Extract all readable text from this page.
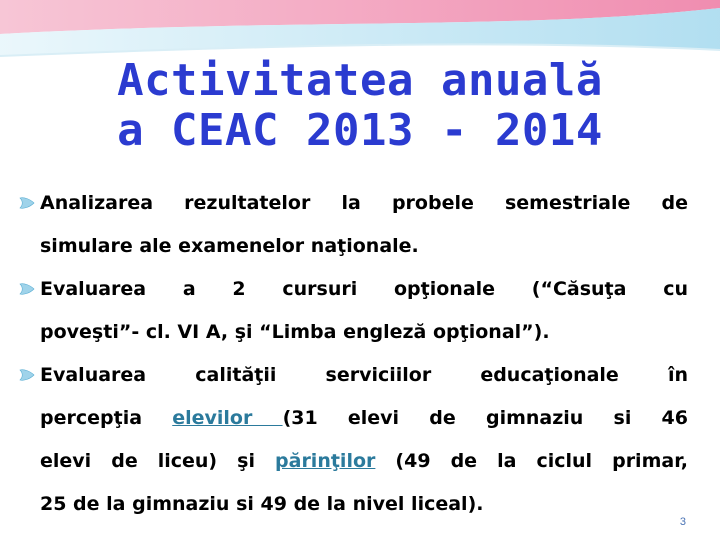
Activitatea anuală
a CEAC 2013 - 2014
Analizarea rezultatelor la probele semestriale de
simulare ale examenelor naţionale.
Evaluarea a 2 cursuri opţionale (“Căsuţa cu
poveşti”- cl. VI A, şi “Limba engleză opţional”).
Evaluarea calităţii serviciilor educaţionale în
percepţia elevilor (31 elevi de gimnaziu si 46
elevi de liceu) şi părinţilor (49 de la ciclul primar,
25 de la gimnaziu si 49 de la nivel liceal).
3
